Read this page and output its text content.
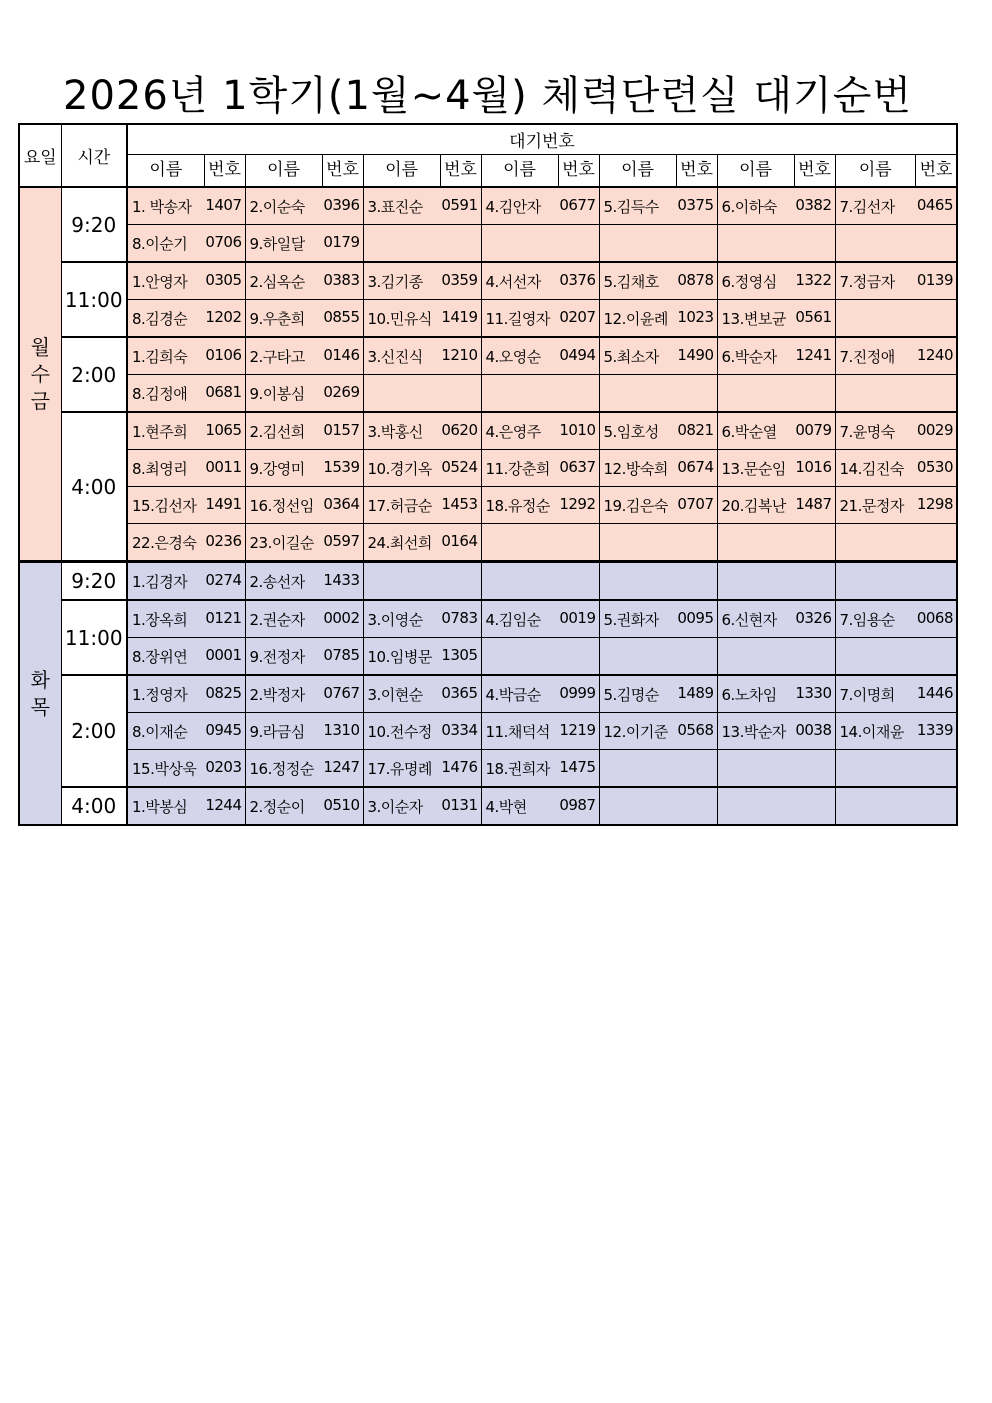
2026년 1학기(1월~4월) 체력단련실 대기순번
요일	시간	대기번호						

		이름 번호	이름 번호	이름 번호	이름 번호	이름 번호	이름 번호	이름 번호

월수금	9:20	1. 박송자 1407	2.이순숙 0396	3.표진순 0591	4.김안자 0677	5.김득수 0375	6.이하숙 0382	7.김선자 0465

		8.이순기 0706	9.하일달 0179					

	11:00	1.안영자 0305	2.심옥순 0383	3.김기종 0359	4.서선자 0376	5.김채호 0878	6.정영심 1322	7.정금자 0139

		8.김경순 1202	9.우춘희 0855	10.민유식 1419	11.길영자 0207	12.이윤례 1023	13.변보균 0561	

	2:00	1.김희숙 0106	2.구타고 0146	3.신진식 1210	4.오영순 0494	5.최소자 1490	6.박순자 1241	7.진정애 1240

		8.김정애 0681	9.이봉심 0269					

	4:00	1.현주희 1065	2.김선희 0157	3.박홍신 0620	4.은영주 1010	5.임호성 0821	6.박순열 0079	7.윤명숙 0029

		8.최영리 0011	9.강영미 1539	10.경기옥 0524	11.강춘희 0637	12.방숙희 0674	13.문순임 1016	14.김진숙 0530

		15.김선자 1491	16.정선임 0364	17.허금순 1453	18.유정순 1292	19.김은숙 0707	20.김복난 1487	21.문정자 1298

		22.은경숙 0236	23.이길순 0597	24.최선희 0164				

화목	9:20	1.김경자 0274	2.송선자 1433					

	11:00	1.장옥희 0121	2.권순자 0002	3.이영순 0783	4.김임순 0019	5.권화자 0095	6.신현자 0326	7.임용순 0068

		8.장위연 0001	9.전정자 0785	10.임병문 1305				

	2:00	1.정영자 0825	2.박정자 0767	3.이현순 0365	4.박금순 0999	5.김명순 1489	6.노차임 1330	7.이명희 1446

		8.이재순 0945	9.라금심 1310	10.전수정 0334	11.채덕석 1219	12.이기준 0568	13.박순자 0038	14.이재윤 1339

		15.박상욱 0203	16.정정순 1247	17.유명례 1476	18.권희자 1475			

	4:00	1.박봉심 1244	2.정순이 0510	3.이순자 0131	4.박현 0987			
